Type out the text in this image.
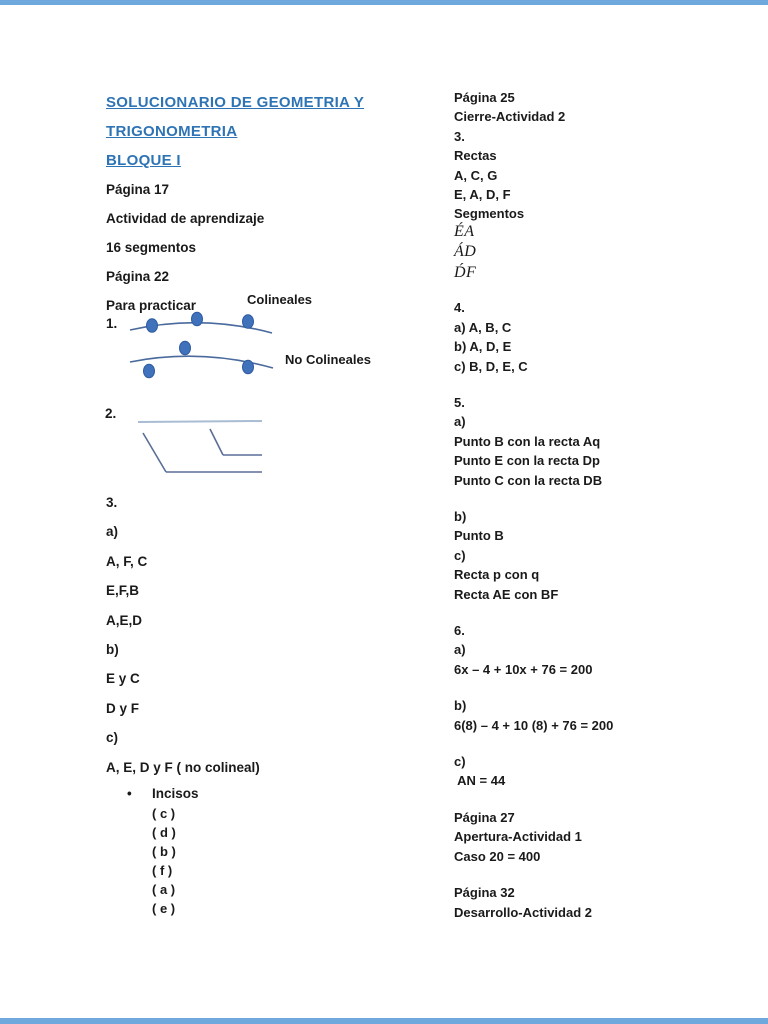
SOLUCIONARIO DE GEOMETRIA Y
TRIGONOMETRIA
BLOQUE I
Página 17
Actividad de aprendizaje
16 segmentos
Página 22
Para practicar	Colineales
1.
No Colineales
2.
3.
a)
A, F, C
E,F,B
A,E,D
b)
E y C
D y F
c)
A, E, D y F ( no colineal)
•	Incisos
( c )
( d )
( b )
( f )
( a )
( e )
Página 25
Cierre-Actividad 2
3.
Rectas
A, C, G
E, A, D, F
Segmentos
ÉA
ÁD
D́F
4.
a) A, B, C
b) A, D, E
c) B, D, E, C
5.
a)
Punto B con la recta Aq
Punto E con la recta Dp
Punto C con la recta DB
b)
Punto B
c)
Recta p con q
Recta AE con BF
6.
a)
6x – 4 + 10x + 76 = 200
b)
6(8) – 4 + 10 (8) + 76 = 200
c)
AN = 44
Página 27
Apertura-Actividad 1
Caso 20 = 400
Página 32
Desarrollo-Actividad 2
